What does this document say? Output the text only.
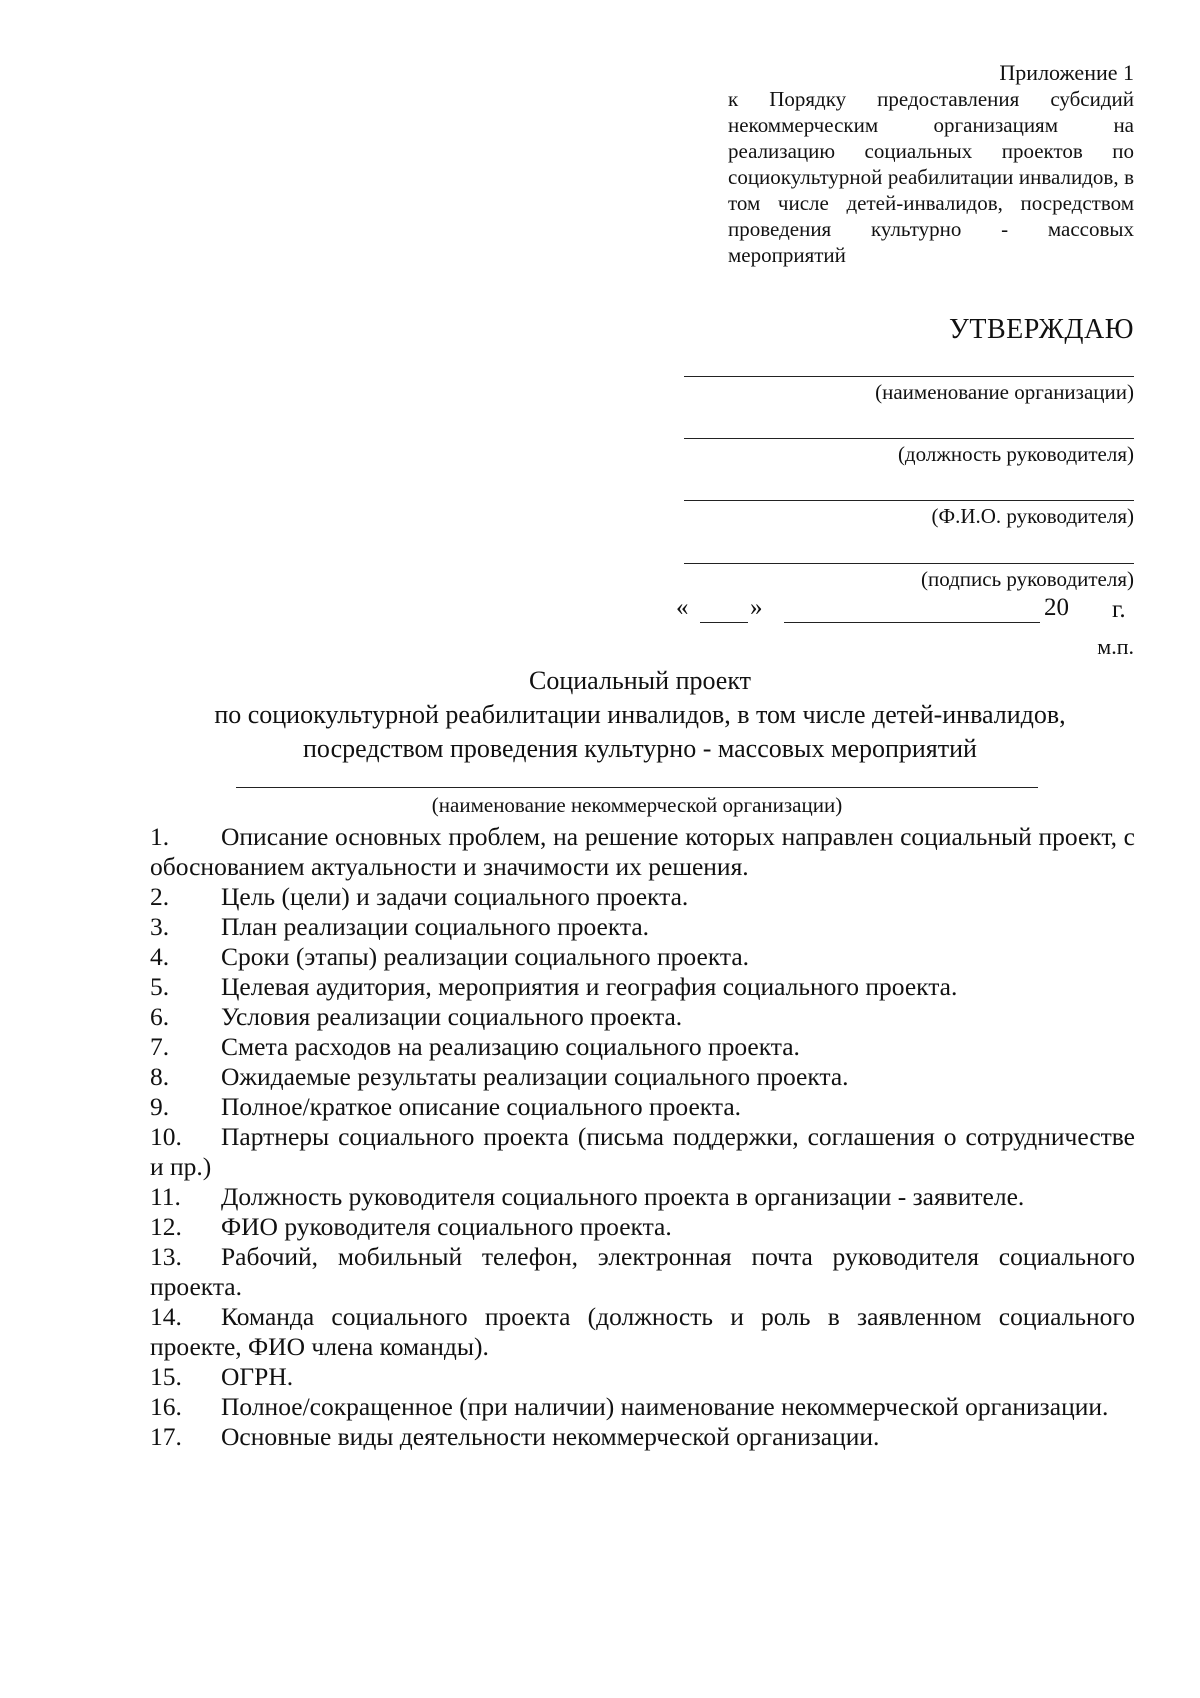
Приложение 1
к Порядку предоставления субсидий некоммерческим организациям на реализацию социальных проектов по социокультурной реабилитации инвалидов, в том числе детей-инвалидов, посредством проведения культурно - массовых мероприятий
УТВЕРЖДАЮ
(наименование организации)
(должность руководителя)
(Ф.И.О. руководителя)
(подпись руководителя)
« »	20 г.
м.п.
Социальный проект
по социокультурной реабилитации инвалидов, в том числе детей-инвалидов,
посредством проведения культурно - массовых мероприятий
(наименование некоммерческой организации)
1. Описание основных проблем, на решение которых направлен социальный проект, с обоснованием актуальности и значимости их решения.
2. Цель (цели) и задачи социального проекта.
3. План реализации социального проекта.
4. Сроки (этапы) реализации социального проекта.
5. Целевая аудитория, мероприятия и география социального проекта.
6. Условия реализации социального проекта.
7. Смета расходов на реализацию социального проекта.
8. Ожидаемые результаты реализации социального проекта.
9. Полное/краткое описание социального проекта.
10. Партнеры социального проекта (письма поддержки, соглашения о сотрудничестве и пр.)
11. Должность руководителя социального проекта в организации - заявителе.
12. ФИО руководителя социального проекта.
13. Рабочий, мобильный телефон, электронная почта руководителя социального проекта.
14. Команда социального проекта (должность и роль в заявленном социального проекте, ФИО члена команды).
15. ОГРН.
16. Полное/сокращенное (при наличии) наименование некоммерческой организации.
17. Основные виды деятельности некоммерческой организации.
